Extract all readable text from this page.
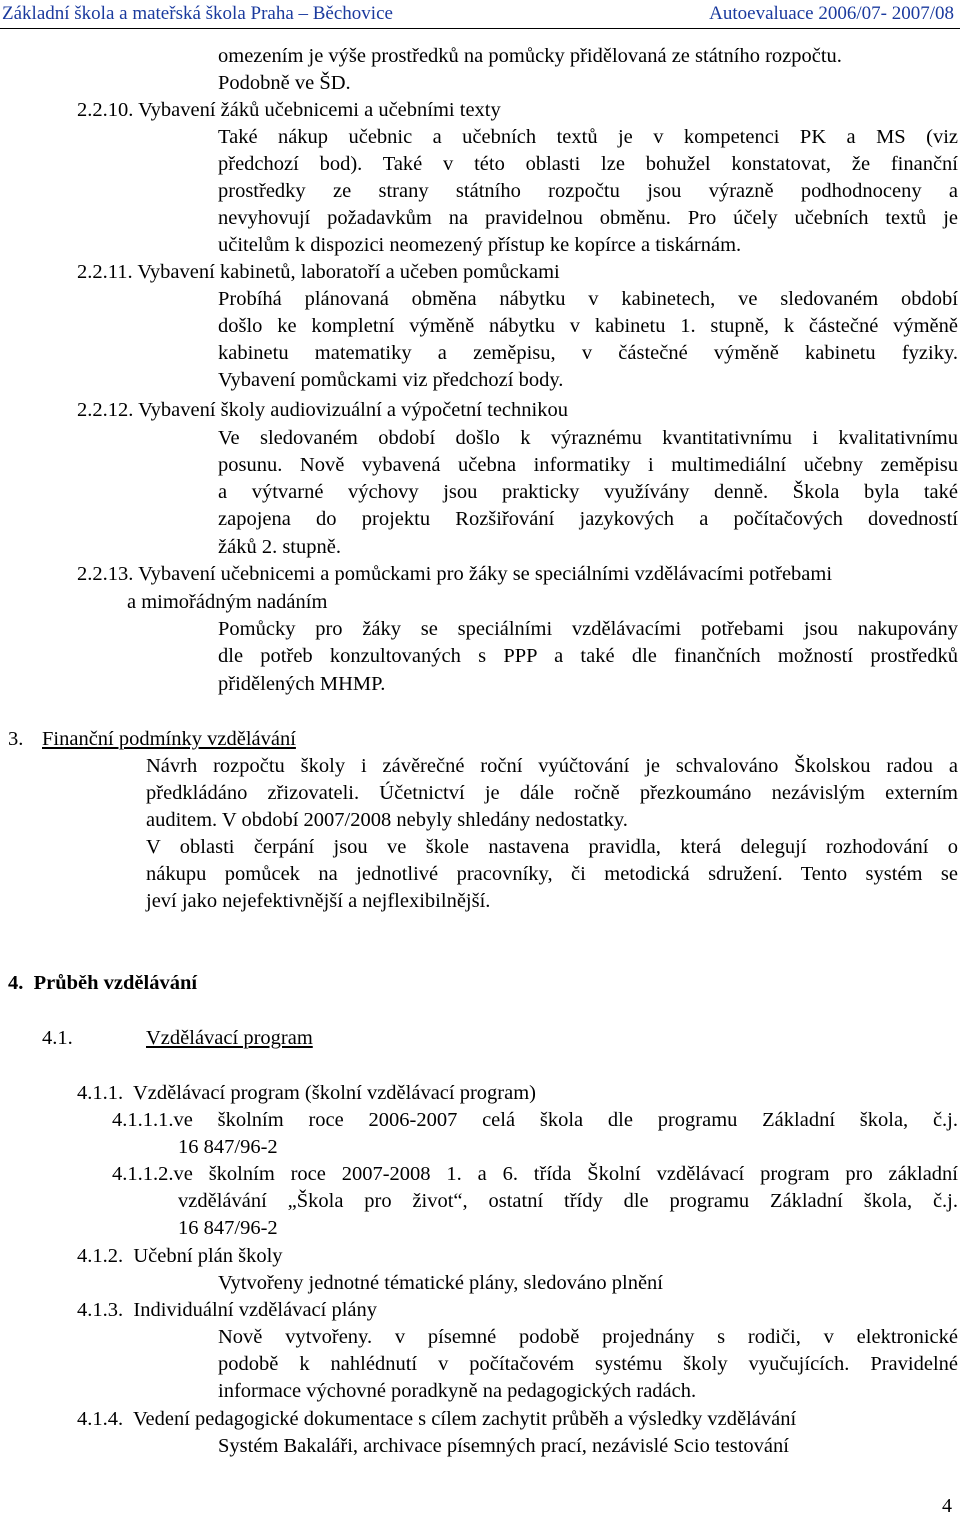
Základní škola a mateřská škola Praha – Běchovice	Autoevaluace 2006/07- 2007/08
omezením je výše prostředků na pomůcky přidělovaná ze státního rozpočtu.
Podobně ve ŠD.
2.2.10. Vybavení žáků učebnicemi a učebními texty
Také nákup učebnic a učebních textů je v kompetenci PK a MS (viz
předchozí bod). Také v této oblasti lze bohužel konstatovat, že finanční
prostředky ze strany státního rozpočtu jsou výrazně podhodnoceny a
nevyhovují požadavkům na pravidelnou obměnu. Pro účely učebních textů je
učitelům k dispozici neomezený přístup ke kopírce a tiskárnám.
2.2.11. Vybavení kabinetů, laboratoří a učeben pomůckami
Probíhá plánovaná obměna nábytku v kabinetech, ve sledovaném období
došlo ke kompletní výměně nábytku v kabinetu 1. stupně, k částečné výměně
kabinetu matematiky a zeměpisu, v částečné výměně kabinetu fyziky.
Vybavení pomůckami viz předchozí body.
2.2.12. Vybavení školy audiovizuální a výpočetní technikou
Ve sledovaném období došlo k výraznému kvantitativnímu i kvalitativnímu
posunu. Nově vybavená učebna informatiky i multimediální učebny zeměpisu
a výtvarné výchovy jsou prakticky využívány denně. Škola byla také
zapojena do projektu Rozšiřování jazykových a počítačových dovedností
žáků 2. stupně.
2.2.13. Vybavení učebnicemi a pomůckami pro žáky se speciálními vzdělávacími potřebami
a mimořádným nadáním
Pomůcky pro žáky se speciálními vzdělávacími potřebami jsou nakupovány
dle potřeb konzultovaných s PPP a také dle finančních možností prostředků
přidělených MHMP.
3. Finanční podmínky vzdělávání
Návrh rozpočtu školy i závěrečné roční vyúčtování je schvalováno Školskou radou a
předkládáno zřizovateli. Účetnictví je dále ročně přezkoumáno nezávislým externím
auditem. V období 2007/2008 nebyly shledány nedostatky.
V oblasti čerpání jsou ve škole nastavena pravidla, která delegují rozhodování o
nákupu pomůcek na jednotlivé pracovníky, či metodická sdružení. Tento systém se
jeví jako nejefektivnější a nejflexibilnější.
4.  Průběh vzdělávání
4.1.	Vzdělávací program
4.1.1.  Vzdělávací program (školní vzdělávací program)
4.1.1.1.ve školním roce 2006-2007 celá škola dle programu Základní škola, č.j.
16 847/96-2
4.1.1.2.ve školním roce 2007-2008 1. a 6. třída Školní vzdělávací program pro základní
vzdělávání „Škola pro život“, ostatní třídy dle programu Základní škola, č.j.
16 847/96-2
4.1.2.  Učební plán školy
Vytvořeny jednotné tématické plány, sledováno plnění
4.1.3.  Individuální vzdělávací plány
Nově vytvořeny. v písemné podobě projednány s rodiči, v elektronické
podobě k nahlédnutí v počítačovém systému školy vyučujících. Pravidelné
informace výchovné poradkyně na pedagogických radách.
4.1.4.  Vedení pedagogické dokumentace s cílem zachytit průběh a výsledky vzdělávání
Systém Bakaláři, archivace písemných prací, nezávislé Scio testování
4
